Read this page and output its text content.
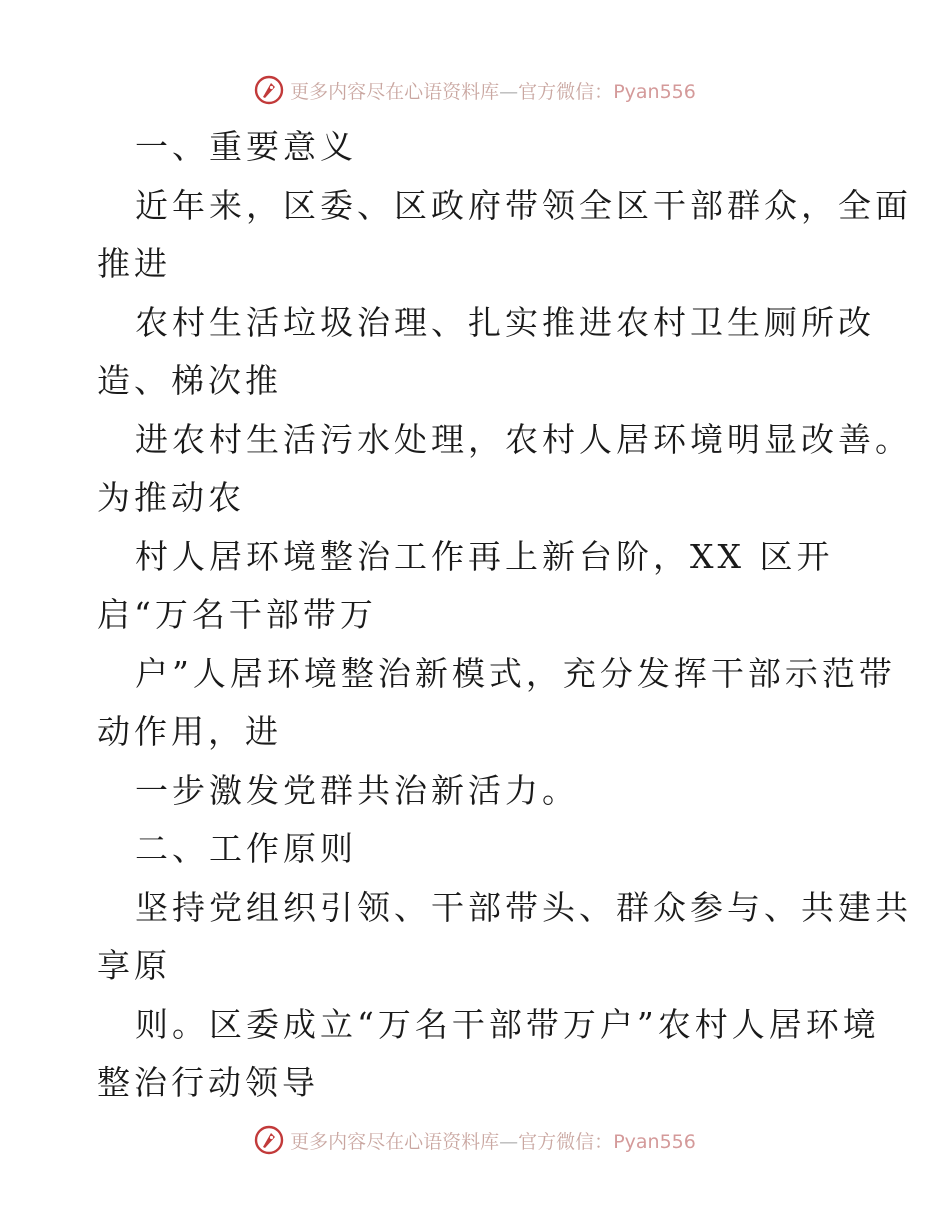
更多内容尽在心语资料库—官方微信：Pyan556
一、重要意义
近年来，区委、区政府带领全区干部群众，全面
推进
农村生活垃圾治理、扎实推进农村卫生厕所改
造、梯次推
进农村生活污水处理，农村人居环境明显改善。
为推动农
村人居环境整治工作再上新台阶，XX 区开
启“万名干部带万
户”人居环境整治新模式，充分发挥干部示范带
动作用，进
一步激发党群共治新活力。
二、工作原则
坚持党组织引领、干部带头、群众参与、共建共
享原
则。区委成立“万名干部带万户”农村人居环境
整治行动领导
更多内容尽在心语资料库—官方微信：Pyan556
